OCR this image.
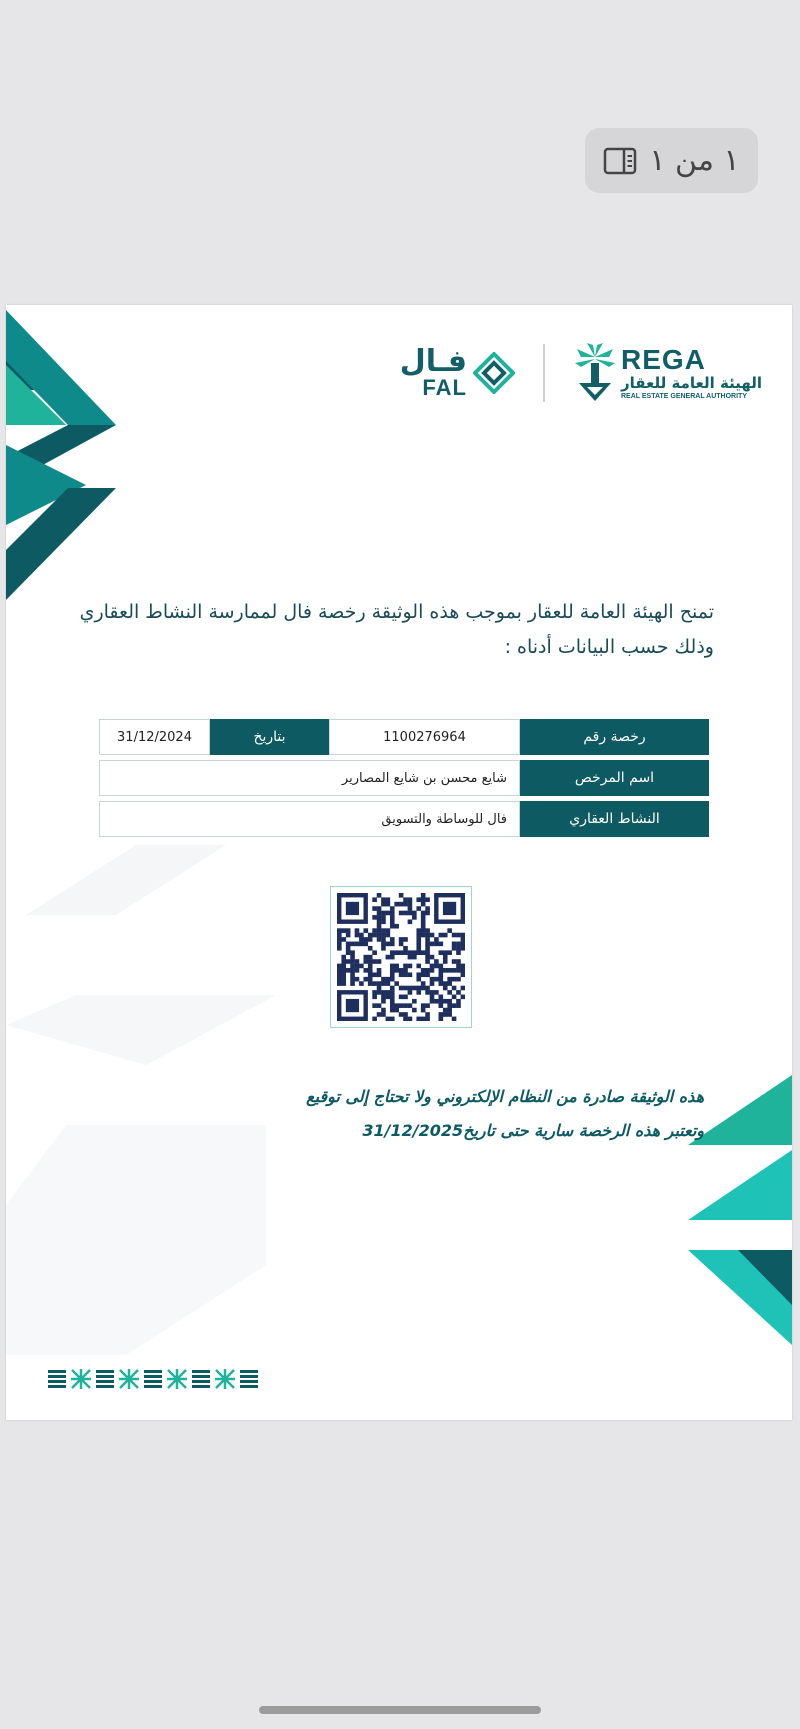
١ من ١
فـال
FAL
REGA
الهيئة العامة للعقار
REAL ESTATE GENERAL AUTHORITY
تمنح الهيئة العامة للعقار بموجب هذه الوثيقة رخصة فال لممارسة النشاط العقاري وذلك حسب البيانات أدناه :
رخصة رقم	1100276964	بتاريخ	31/12/2024
اسم المرخص	شايع محسن بن شايع المصارير		
النشاط العقاري	فال للوساطة والتسويق		
هذه الوثيقة صادرة من النظام الإلكتروني ولا تحتاج إلى توقيع
وتعتبر هذه الرخصة سارية حتى تاريخ31/12/2025
